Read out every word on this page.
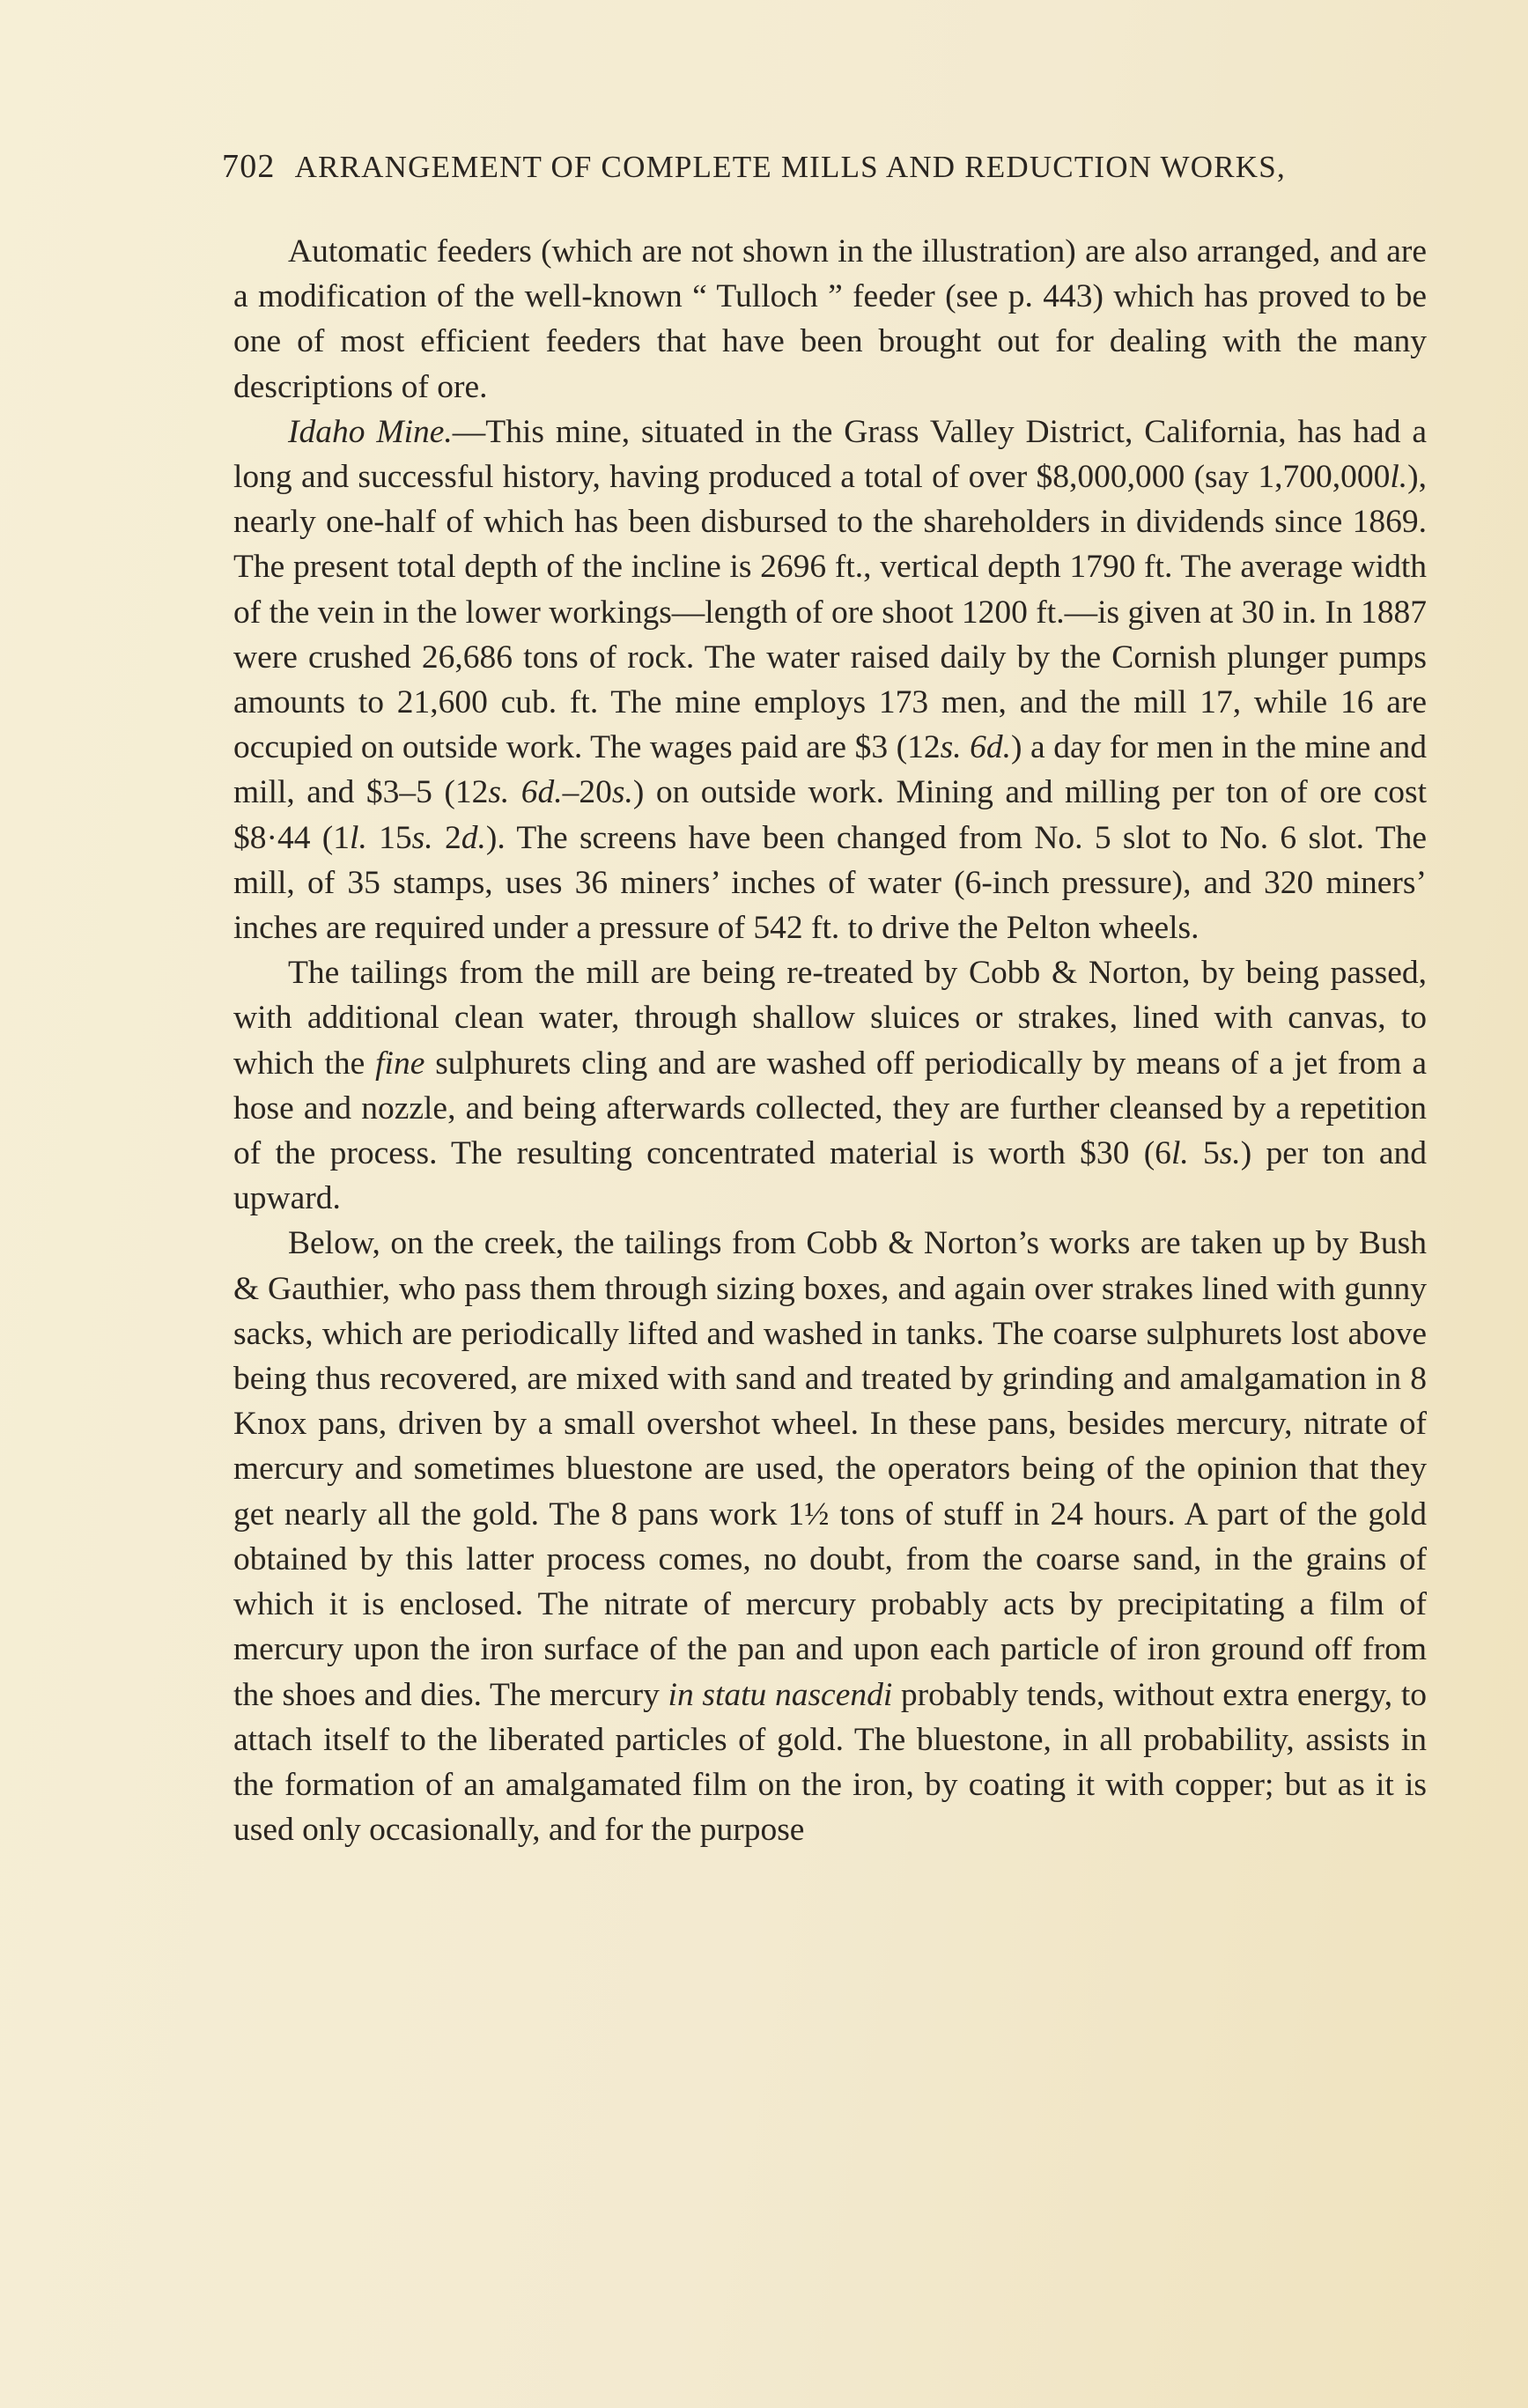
702 ARRANGEMENT OF COMPLETE MILLS AND REDUCTION WORKS,

Automatic feeders (which are not shown in the illustration) are also arranged, and are a modification of the well-known “ Tulloch ” feeder (see p. 443) which has proved to be one of most efficient feeders that have been brought out for dealing with the many descriptions of ore.

Idaho Mine.—This mine, situated in the Grass Valley District, California, has had a long and successful history, having produced a total of over $8,000,000 (say 1,700,000l.), nearly one-half of which has been disbursed to the shareholders in dividends since 1869. The present total depth of the incline is 2696 ft., vertical depth 1790 ft. The average width of the vein in the lower workings—length of ore shoot 1200 ft.—is given at 30 in. In 1887 were crushed 26,686 tons of rock. The water raised daily by the Cornish plunger pumps amounts to 21,600 cub. ft. The mine employs 173 men, and the mill 17, while 16 are occupied on outside work. The wages paid are $3 (12s. 6d.) a day for men in the mine and mill, and $3–5 (12s. 6d.–20s.) on outside work. Mining and milling per ton of ore cost $8·44 (1l. 15s. 2d.). The screens have been changed from No. 5 slot to No. 6 slot. The mill, of 35 stamps, uses 36 miners’ inches of water (6-inch pressure), and 320 miners’ inches are required under a pressure of 542 ft. to drive the Pelton wheels.

The tailings from the mill are being re-treated by Cobb & Norton, by being passed, with additional clean water, through shallow sluices or strakes, lined with canvas, to which the fine sulphurets cling and are washed off periodically by means of a jet from a hose and nozzle, and being afterwards collected, they are further cleansed by a repetition of the process. The resulting concentrated material is worth $30 (6l. 5s.) per ton and upward.

Below, on the creek, the tailings from Cobb & Norton’s works are taken up by Bush & Gauthier, who pass them through sizing boxes, and again over strakes lined with gunny sacks, which are periodically lifted and washed in tanks. The coarse sulphurets lost above being thus recovered, are mixed with sand and treated by grinding and amalgamation in 8 Knox pans, driven by a small overshot wheel. In these pans, besides mercury, nitrate of mercury and sometimes bluestone are used, the operators being of the opinion that they get nearly all the gold. The 8 pans work 1½ tons of stuff in 24 hours. A part of the gold obtained by this latter process comes, no doubt, from the coarse sand, in the grains of which it is enclosed. The nitrate of mercury probably acts by precipitating a film of mercury upon the iron surface of the pan and upon each particle of iron ground off from the shoes and dies. The mercury in statu nascendi probably tends, without extra energy, to attach itself to the liberated particles of gold. The bluestone, in all probability, assists in the formation of an amalgamated film on the iron, by coating it with copper; but as it is used only occasionally, and for the purpose
